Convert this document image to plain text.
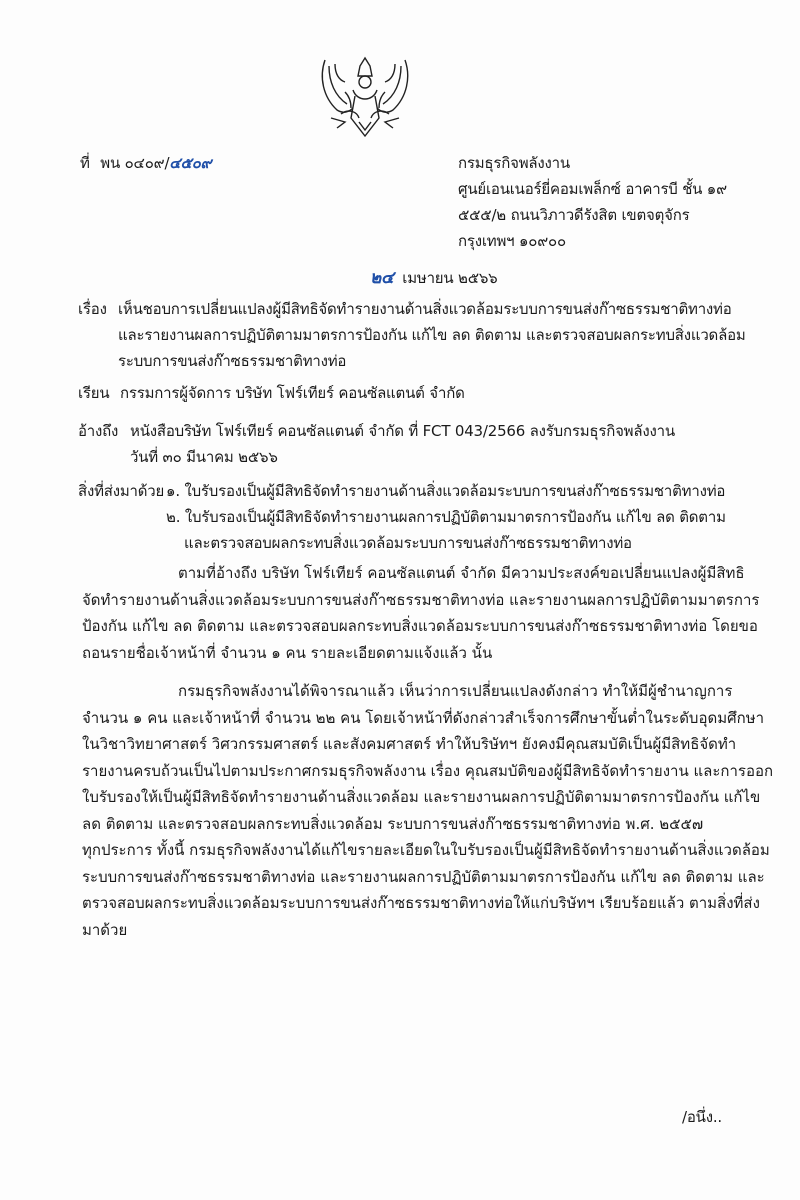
ที่ พน ๐๔๐๙/๔๕๐๙	กรมธุรกิจพลังงาน
ศูนย์เอนเนอร์ยี่คอมเพล็กซ์ อาคารบี ชั้น ๑๙
๕๕๕/๒ ถนนวิภาวดีรังสิต เขตจตุจักร
กรุงเทพฯ ๑๐๙๐๐
๒๔ เมษายน ๒๕๖๖
เรื่อง เห็นชอบการเปลี่ยนแปลงผู้มีสิทธิจัดทำรายงานด้านสิ่งแวดล้อมระบบการขนส่งก๊าซธรรมชาติทางท่อ
และรายงานผลการปฏิบัติตามมาตรการป้องกัน แก้ไข ลด ติดตาม และตรวจสอบผลกระทบสิ่งแวดล้อม
ระบบการขนส่งก๊าซธรรมชาติทางท่อ
เรียน กรรมการผู้จัดการ บริษัท โฟร์เทียร์ คอนซัลแตนต์ จำกัด
อ้างถึง หนังสือบริษัท โฟร์เทียร์ คอนซัลแตนต์ จำกัด ที่ FCT 043/2566 ลงรับกรมธุรกิจพลังงาน
วันที่ ๓๐ มีนาคม ๒๕๖๖
สิ่งที่ส่งมาด้วย ๑. ใบรับรองเป็นผู้มีสิทธิจัดทำรายงานด้านสิ่งแวดล้อมระบบการขนส่งก๊าซธรรมชาติทางท่อ
๒. ใบรับรองเป็นผู้มีสิทธิจัดทำรายงานผลการปฏิบัติตามมาตรการป้องกัน แก้ไข ลด ติดตาม
และตรวจสอบผลกระทบสิ่งแวดล้อมระบบการขนส่งก๊าซธรรมชาติทางท่อ
ตามที่อ้างถึง บริษัท โฟร์เทียร์ คอนซัลแตนต์ จำกัด มีความประสงค์ขอเปลี่ยนแปลงผู้มีสิทธิ
จัดทำรายงานด้านสิ่งแวดล้อมระบบการขนส่งก๊าซธรรมชาติทางท่อ และรายงานผลการปฏิบัติตามมาตรการ
ป้องกัน แก้ไข ลด ติดตาม และตรวจสอบผลกระทบสิ่งแวดล้อมระบบการขนส่งก๊าซธรรมชาติทางท่อ โดยขอ
ถอนรายชื่อเจ้าหน้าที่ จำนวน ๑ คน รายละเอียดตามแจ้งแล้ว นั้น
กรมธุรกิจพลังงานได้พิจารณาแล้ว เห็นว่าการเปลี่ยนแปลงดังกล่าว ทำให้มีผู้ชำนาญการ
จำนวน ๑ คน และเจ้าหน้าที่ จำนวน ๒๒ คน โดยเจ้าหน้าที่ดังกล่าวสำเร็จการศึกษาขั้นต่ำในระดับอุดมศึกษา
ในวิชาวิทยาศาสตร์ วิศวกรรมศาสตร์ และสังคมศาสตร์ ทำให้บริษัทฯ ยังคงมีคุณสมบัติเป็นผู้มีสิทธิจัดทำ
รายงานครบถ้วนเป็นไปตามประกาศกรมธุรกิจพลังงาน เรื่อง คุณสมบัติของผู้มีสิทธิจัดทำรายงาน และการออก
ใบรับรองให้เป็นผู้มีสิทธิจัดทำรายงานด้านสิ่งแวดล้อม และรายงานผลการปฏิบัติตามมาตรการป้องกัน แก้ไข
ลด ติดตาม และตรวจสอบผลกระทบสิ่งแวดล้อม ระบบการขนส่งก๊าซธรรมชาติทางท่อ พ.ศ. ๒๕๕๗
ทุกประการ ทั้งนี้ กรมธุรกิจพลังงานได้แก้ไขรายละเอียดในใบรับรองเป็นผู้มีสิทธิจัดทำรายงานด้านสิ่งแวดล้อม
ระบบการขนส่งก๊าซธรรมชาติทางท่อ และรายงานผลการปฏิบัติตามมาตรการป้องกัน แก้ไข ลด ติดตาม และ
ตรวจสอบผลกระทบสิ่งแวดล้อมระบบการขนส่งก๊าซธรรมชาติทางท่อให้แก่บริษัทฯ เรียบร้อยแล้ว ตามสิ่งที่ส่ง
มาด้วย
/อนึ่ง..
